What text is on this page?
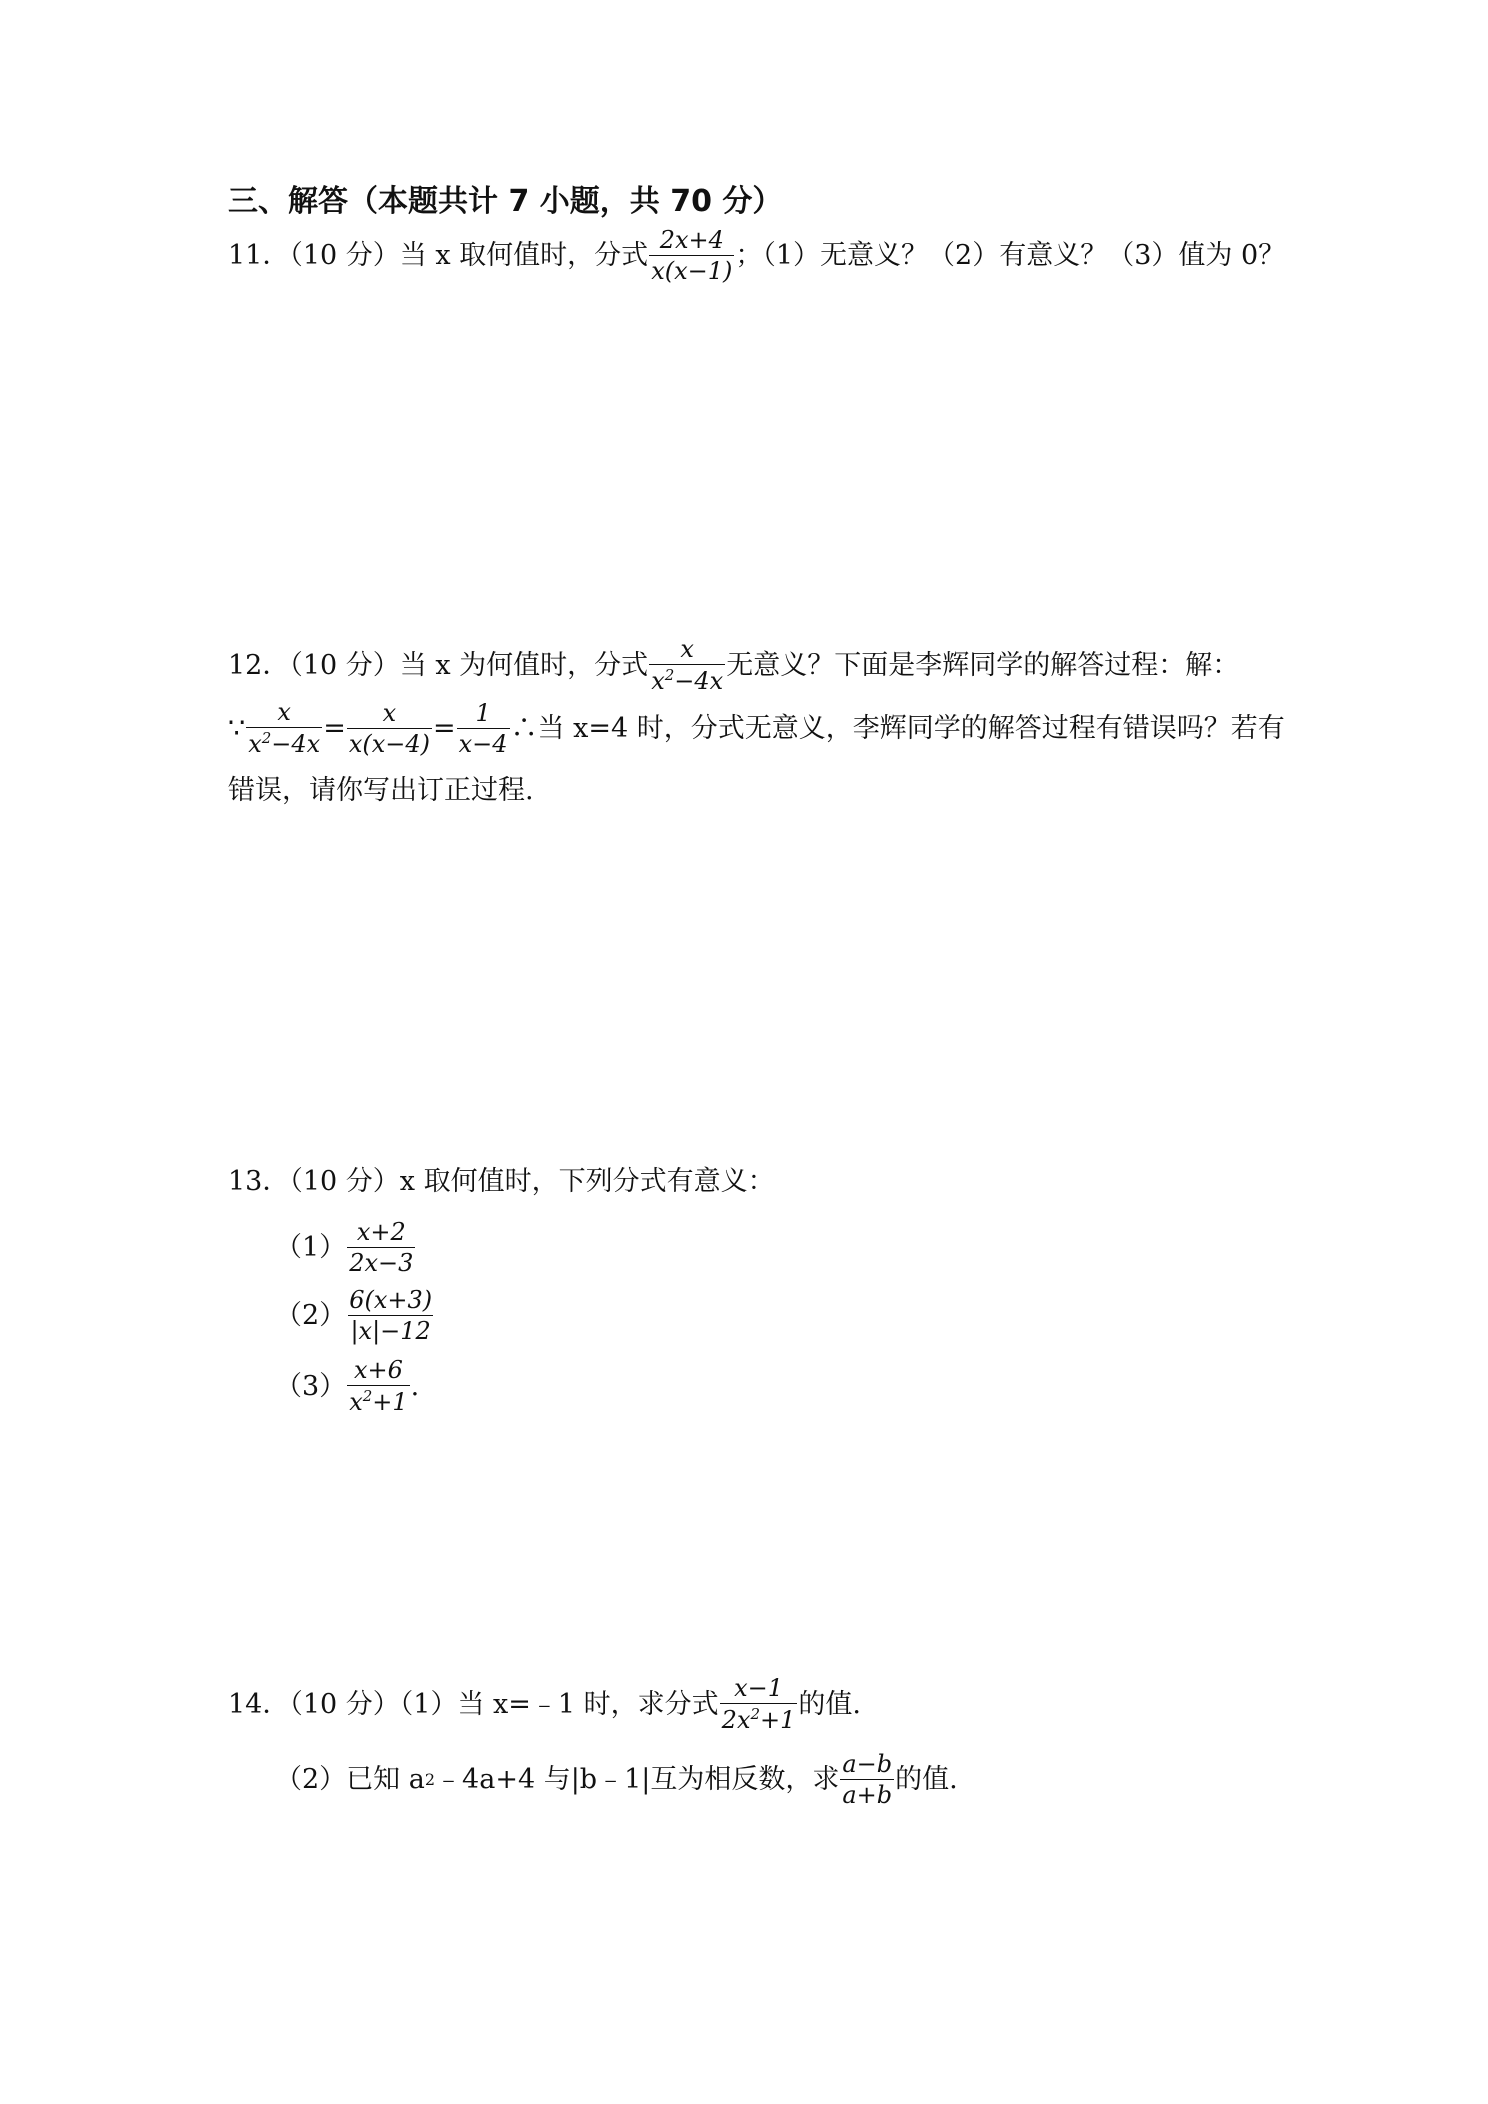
三、解答（本题共计 7 小题，共 70 分）
11．（10 分）当 x 取何值时，分式 $\frac{2x+4}{x(x-1)}$ ；（1）无意义？（2）有意义？（3）值为 0？
12．（10 分）当 x 为何值时，分式 $\frac{x}{x^2-4x}$ 无意义？下面是李辉同学的解答过程：解：
∵ $\frac{x}{x^2-4x} = \frac{x}{x(x-4)} = \frac{1}{x-4}$ ∴当 x=4 时，分式无意义，李辉同学的解答过程有错误吗？若有
错误，请你写出订正过程.
13．（10 分）x 取何值时，下列分式有意义：
$(1) \frac{x+2}{2x-3}$
$(2) \frac{6(x+3)}{|x|-12}$
$(3) \frac{x+6}{x^2+1}$ .
14．（10 分）（1）当 x=﹣1 时，求分式 $\frac{x-1}{2x^2+1}$ 的值.
（2）已知 a 2 ﹣4a+4 与|b﹣1|互为相反数，求 $\frac{a-b}{a+b}$ 的值.
